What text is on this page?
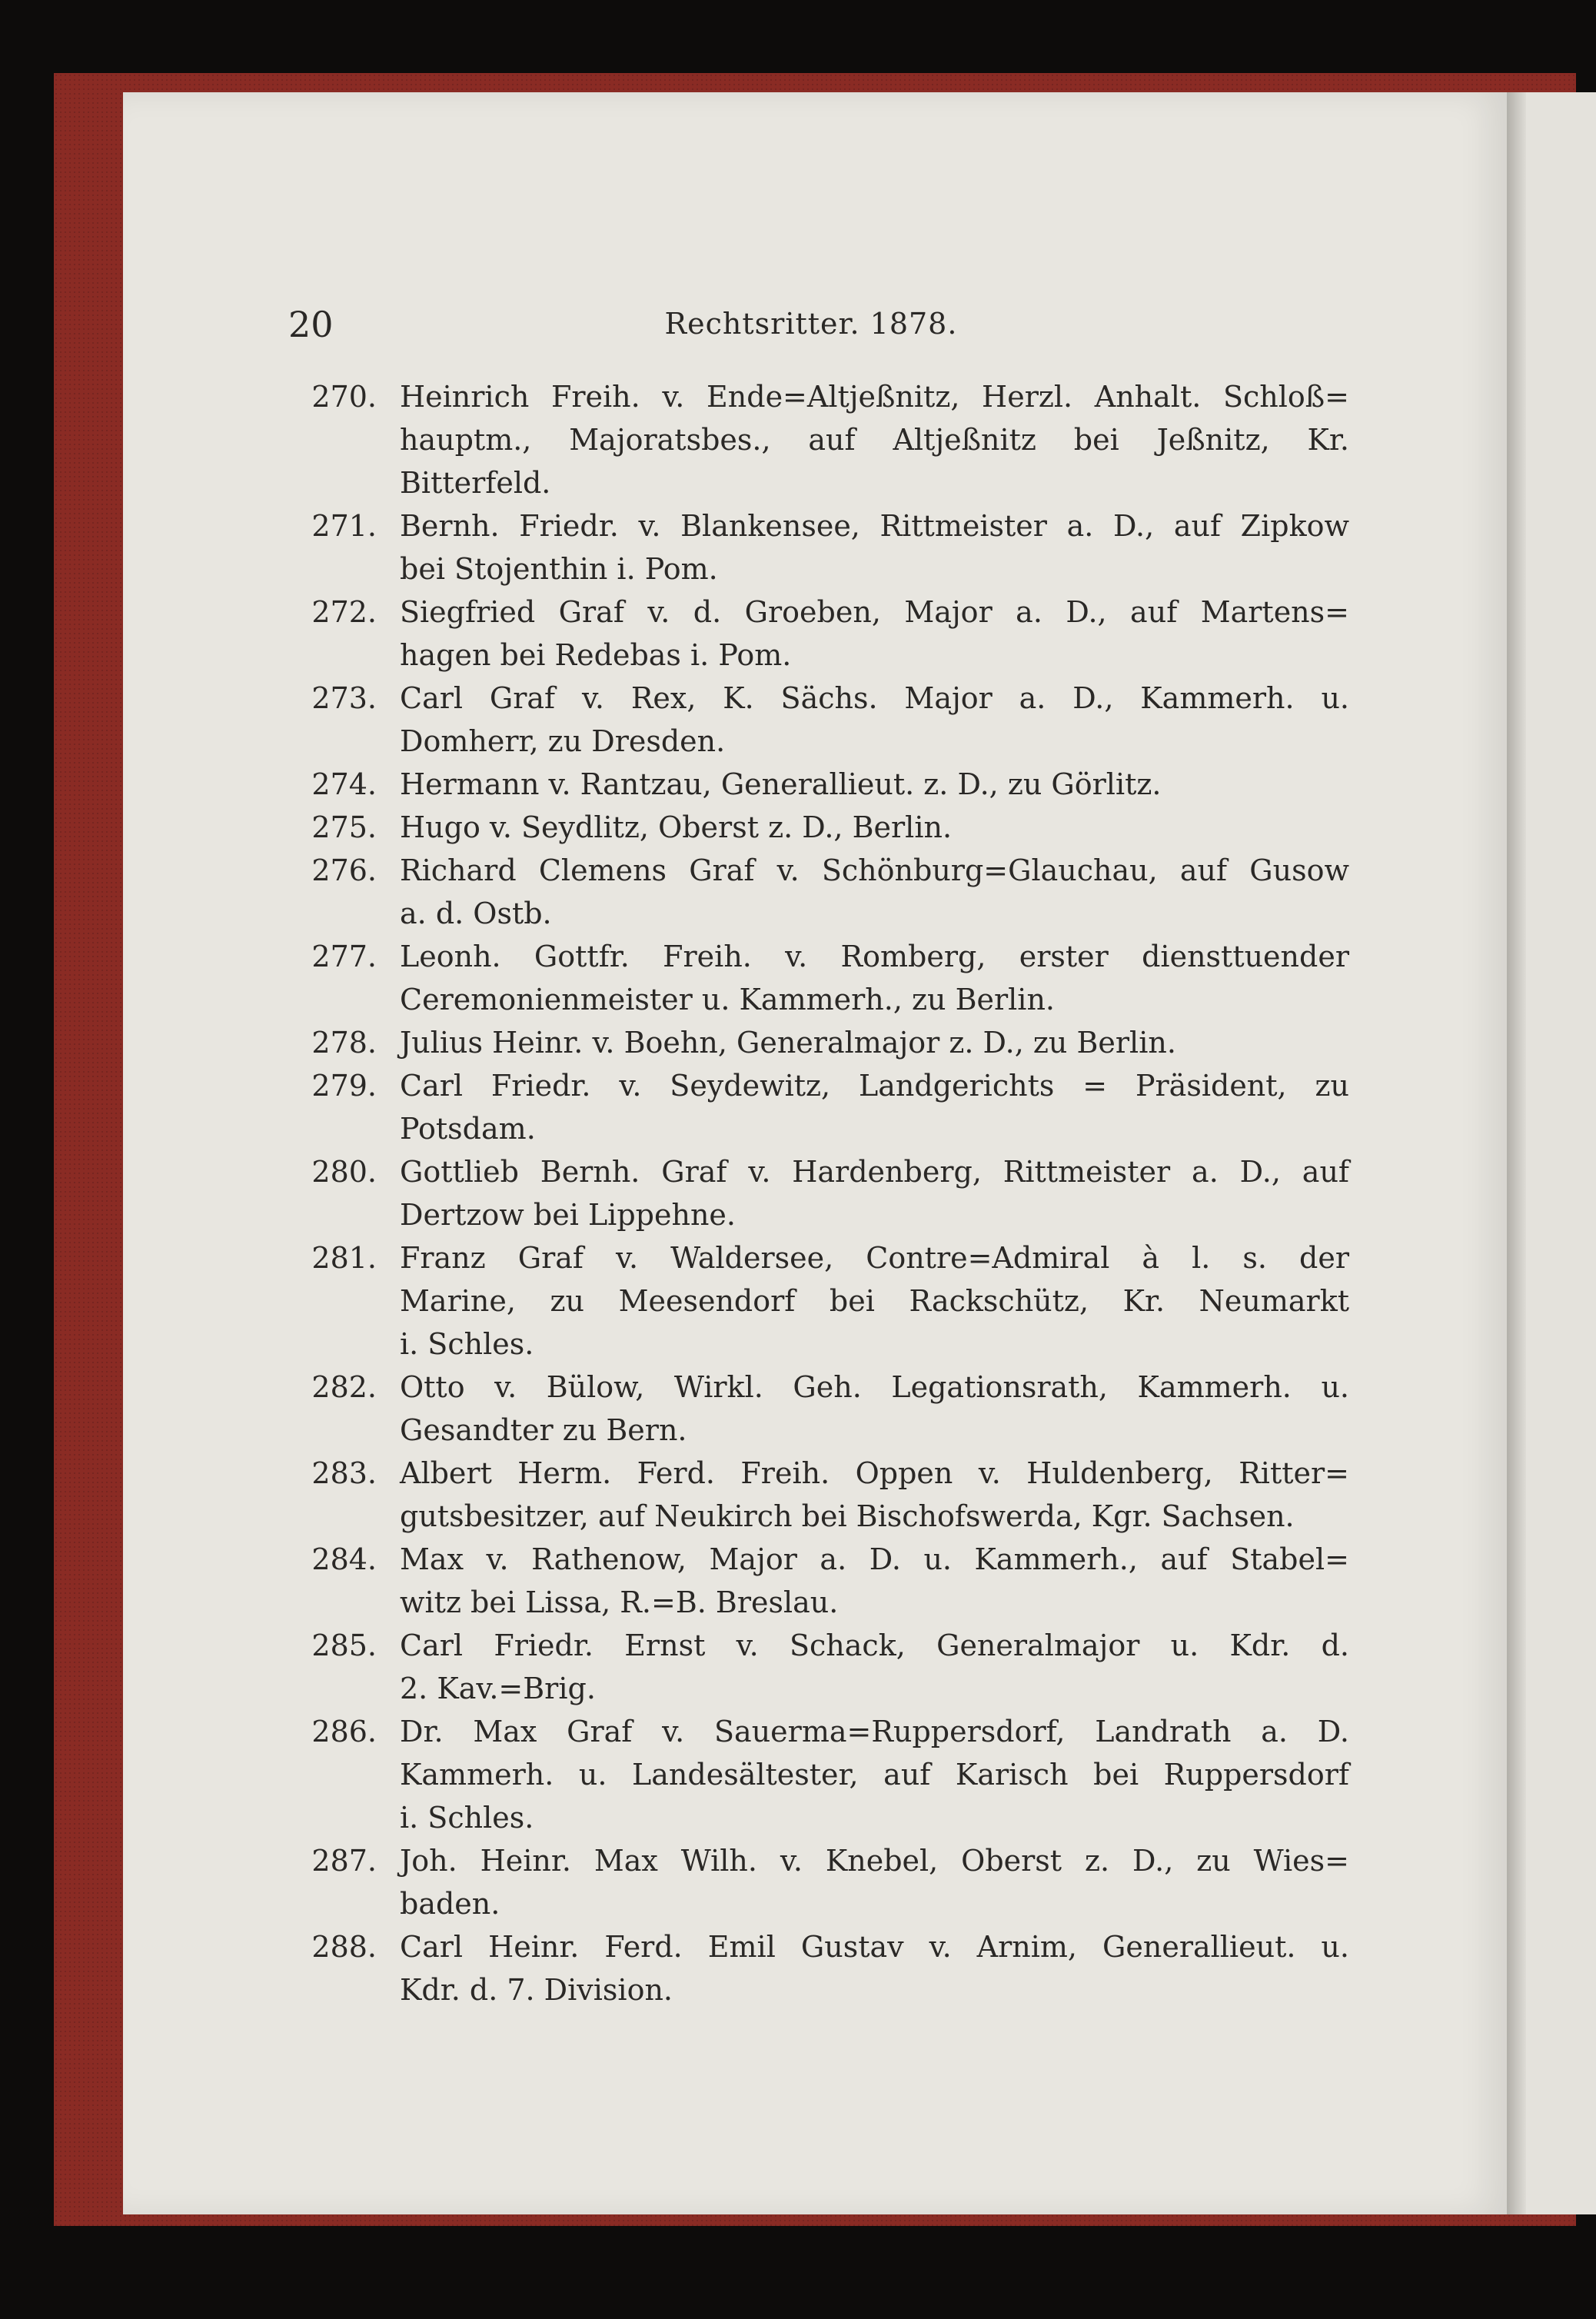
20	Rechtsritter. 1878.
270. Heinrich Freih. v. Ende=Altjeßnitz, Herzl. Anhalt. Schloß=
hauptm., Majoratsbes., auf Altjeßnitz bei Jeßnitz, Kr.
Bitterfeld.
271. Bernh. Friedr. v. Blankensee, Rittmeister a. D., auf Zipkow
bei Stojenthin i. Pom.
272. Siegfried Graf v. d. Groeben, Major a. D., auf Martens=
hagen bei Redebas i. Pom.
273. Carl Graf v. Rex, K. Sächs. Major a. D., Kammerh. u.
Domherr, zu Dresden.
274. Hermann v. Rantzau, Generallieut. z. D., zu Görlitz.
275. Hugo v. Seydlitz, Oberst z. D., Berlin.
276. Richard Clemens Graf v. Schönburg=Glauchau, auf Gusow
a. d. Ostb.
277. Leonh. Gottfr. Freih. v. Romberg, erster diensttuender
Ceremonienmeister u. Kammerh., zu Berlin.
278. Julius Heinr. v. Boehn, Generalmajor z. D., zu Berlin.
279. Carl Friedr. v. Seydewitz, Landgerichts = Präsident, zu
Potsdam.
280. Gottlieb Bernh. Graf v. Hardenberg, Rittmeister a. D., auf
Dertzow bei Lippehne.
281. Franz Graf v. Waldersee, Contre=Admiral à l. s. der
Marine, zu Meesendorf bei Rackschütz, Kr. Neumarkt
i. Schles.
282. Otto v. Bülow, Wirkl. Geh. Legationsrath, Kammerh. u.
Gesandter zu Bern.
283. Albert Herm. Ferd. Freih. Oppen v. Huldenberg, Ritter=
gutsbesitzer, auf Neukirch bei Bischofswerda, Kgr. Sachsen.
284. Max v. Rathenow, Major a. D. u. Kammerh., auf Stabel=
witz bei Lissa, R.=B. Breslau.
285. Carl Friedr. Ernst v. Schack, Generalmajor u. Kdr. d.
2. Kav.=Brig.
286. Dr. Max Graf v. Sauerma=Ruppersdorf, Landrath a. D.
Kammerh. u. Landesältester, auf Karisch bei Ruppersdorf
i. Schles.
287. Joh. Heinr. Max Wilh. v. Knebel, Oberst z. D., zu Wies=
baden.
288. Carl Heinr. Ferd. Emil Gustav v. Arnim, Generallieut. u.
Kdr. d. 7. Division.
